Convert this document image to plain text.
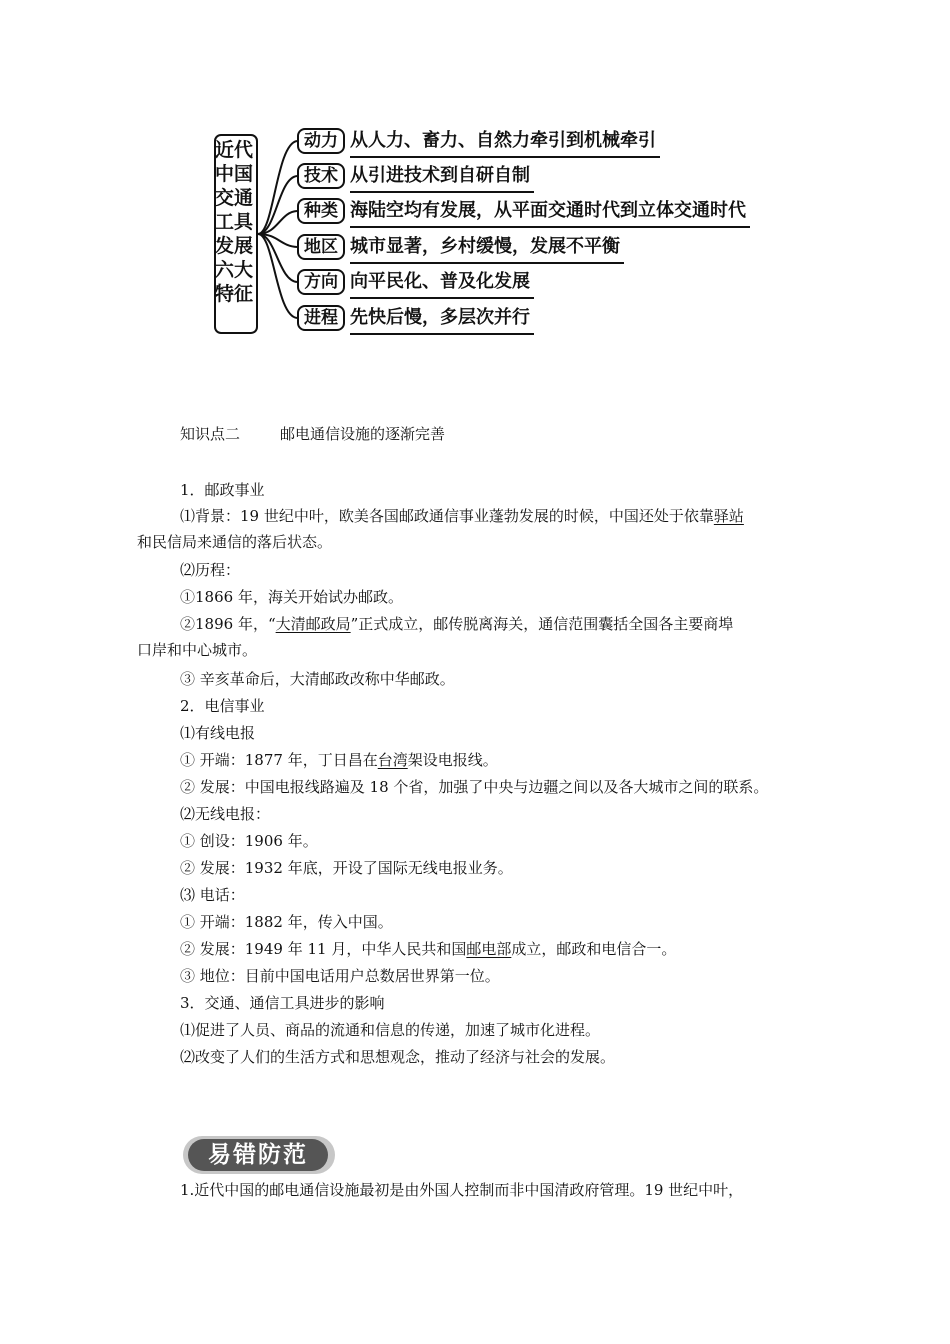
近代
中国
交通
工具
发展
六大
特征
动力 从人力、畜力、自然力牵引到机械牵引
技术 从引进技术到自研自制
种类 海陆空均有发展，从平面交通时代到立体交通时代
地区 城市显著，乡村缓慢，发展不平衡
方向 向平民化、普及化发展
进程 先快后慢，多层次并行
知识点二	邮电通信设施的逐渐完善
1．邮政事业
⑴背景：19 世纪中叶，欧美各国邮政通信事业蓬勃发展的时候，中国还处于依靠驿站
和民信局来通信的落后状态。
⑵历程：
①1866 年，海关开始试办邮政。
②1896 年，“大清邮政局”正式成立，邮传脱离海关，通信范围囊括全国各主要商埠
口岸和中心城市。
③ 辛亥革命后，大清邮政改称中华邮政。
2．电信事业
⑴有线电报
① 开端：1877 年，丁日昌在台湾架设电报线。
② 发展：中国电报线路遍及 18 个省，加强了中央与边疆之间以及各大城市之间的联系。
⑵无线电报：
① 创设：1906 年。
② 发展：1932 年底，开设了国际无线电报业务。
⑶ 电话：
① 开端：1882 年，传入中国。
② 发展：1949 年 11 月，中华人民共和国邮电部成立，邮政和电信合一。
③ 地位：目前中国电话用户总数居世界第一位。
3．交通、通信工具进步的影响
⑴促进了人员、商品的流通和信息的传递，加速了城市化进程。
⑵改变了人们的生活方式和思想观念，推动了经济与社会的发展。
易错防范
1.近代中国的邮电通信设施最初是由外国人控制而非中国清政府管理。19 世纪中叶，
